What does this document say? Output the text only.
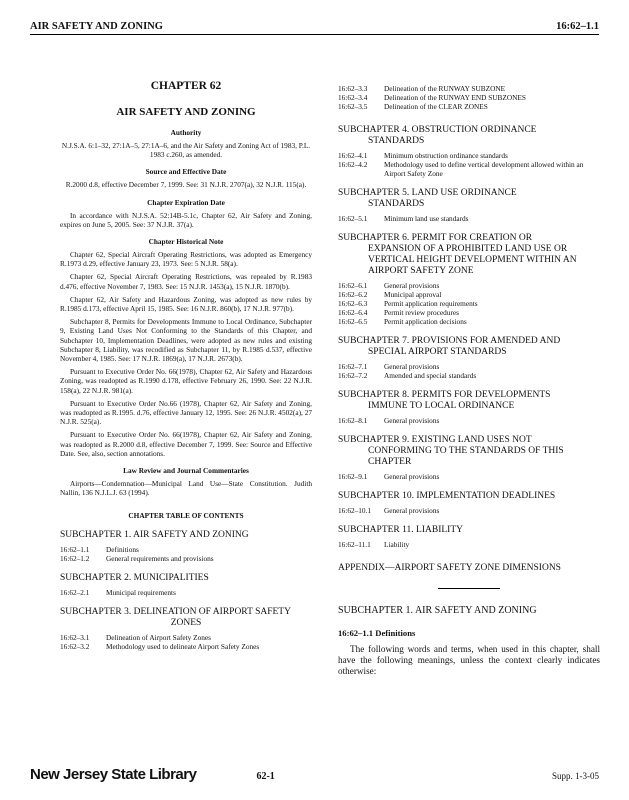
AIR SAFETY AND ZONING	16:62–1.1
CHAPTER 62
AIR SAFETY AND ZONING
Authority
N.J.S.A. 6:1–32, 27:1A–5, 27:1A–6, and the Air Safety and Zoning Act of 1983, P.L. 1983 c.260, as amended.
Source and Effective Date
R.2000 d.8, effective December 7, 1999. See: 31 N.J.R. 2707(a), 32 N.J.R. 115(a).
Chapter Expiration Date
In accordance with N.J.S.A. 52:14B-5.1c, Chapter 62, Air Safety and Zoning, expires on June 5, 2005. See: 37 N.J.R. 37(a).
Chapter Historical Note
Chapter 62, Special Aircraft Operating Restrictions, was adopted as Emergency R.1973 d.29, effective January 23, 1973. See: 5 N.J.R. 58(a).
Chapter 62, Special Aircraft Operating Restrictions, was repealed by R.1983 d.476, effective November 7, 1983. See: 15 N.J.R. 1453(a), 15 N.J.R. 1870(b).
Chapter 62, Air Safety and Hazardous Zoning, was adopted as new rules by R.1985 d.173, effective April 15, 1985. See: 16 N.J.R. 860(b), 17 N.J.R. 977(b).
Subchapter 8, Permits for Developments Immune to Local Ordinance, Subchapter 9, Existing Land Uses Not Conforming to the Standards of this Chapter, and Subchapter 10, Implementation Deadlines, were adopted as new rules and existing Subchapter 8, Liability, was recodified as Subchapter 11, by R.1985 d.537, effective November 4, 1985. See: 17 N.J.R. 1869(a), 17 N.J.R. 2673(b).
Pursuant to Executive Order No. 66(1978), Chapter 62, Air Safety and Hazardous Zoning, was readopted as R.1990 d.178, effective February 26, 1990. See: 22 N.J.R. 158(a), 22 N.J.R. 981(a).
Pursuant to Executive Order No.66 (1978), Chapter 62, Air Safety and Zoning, was readopted as R.1995. d.76, effective January 12, 1995. See: 26 N.J.R. 4502(a), 27 N.J.R. 525(a).
Pursuant to Executive Order No. 66(1978), Chapter 62, Air Safety and Zoning, was readopted as R.2000 d.8, effective December 7, 1999. See: Source and Effective Date. See, also, section annotations.
Law Review and Journal Commentaries
Airports—Condemnation—Municipal Land Use—State Constitution. Judith Nallin, 136 N.J.L.J. 63 (1994).
CHAPTER TABLE OF CONTENTS
SUBCHAPTER 1. AIR SAFETY AND ZONING
16:62–1.1	Definitions
16:62–1.2	General requirements and provisions
SUBCHAPTER 2. MUNICIPALITIES
16:62–2.1	Municipal requirements
SUBCHAPTER 3. DELINEATION OF AIRPORT SAFETY
ZONES
16:62–3.1	Delineation of Airport Safety Zones
16:62–3.2	Methodology used to delineate Airport Safety Zones
16:62–3.3	Delineation of the RUNWAY SUBZONE
16:62–3.4	Delineation of the RUNWAY END SUBZONES
16:62–3.5	Delineation of the CLEAR ZONES
SUBCHAPTER 4. OBSTRUCTION ORDINANCE
STANDARDS
16:62–4.1	Minimum obstruction ordinance standards
16:62–4.2	Methodology used to define vertical development allowed within an Airport Safety Zone
SUBCHAPTER 5. LAND USE ORDINANCE
STANDARDS
16:62–5.1	Minimum land use standards
SUBCHAPTER 6. PERMIT FOR CREATION OR
EXPANSION OF A PROHIBITED LAND USE OR
VERTICAL HEIGHT DEVELOPMENT WITHIN AN
AIRPORT SAFETY ZONE
16:62–6.1	General provisions
16:62–6.2	Municipal approval
16:62–6.3	Permit application requirements
16:62–6.4	Permit review procedures
16:62–6.5	Permit application decisions
SUBCHAPTER 7. PROVISIONS FOR AMENDED AND
SPECIAL AIRPORT STANDARDS
16:62–7.1	General provisions
16:62–7.2	Amended and special standards
SUBCHAPTER 8. PERMITS FOR DEVELOPMENTS
IMMUNE TO LOCAL ORDINANCE
16:62–8.1	General provisions
SUBCHAPTER 9. EXISTING LAND USES NOT
CONFORMING TO THE STANDARDS OF THIS
CHAPTER
16:62–9.1	General provisions
SUBCHAPTER 10. IMPLEMENTATION DEADLINES
16:62–10.1	General provisions
SUBCHAPTER 11. LIABILITY
16:62–11.1	Liability
APPENDIX—AIRPORT SAFETY ZONE DIMENSIONS
SUBCHAPTER 1. AIR SAFETY AND ZONING
16:62–1.1 Definitions
The following words and terms, when used in this chapter, shall have the following meanings, unless the context clearly indicates otherwise:
New Jersey State Library	62-1	Supp. 1-3-05
